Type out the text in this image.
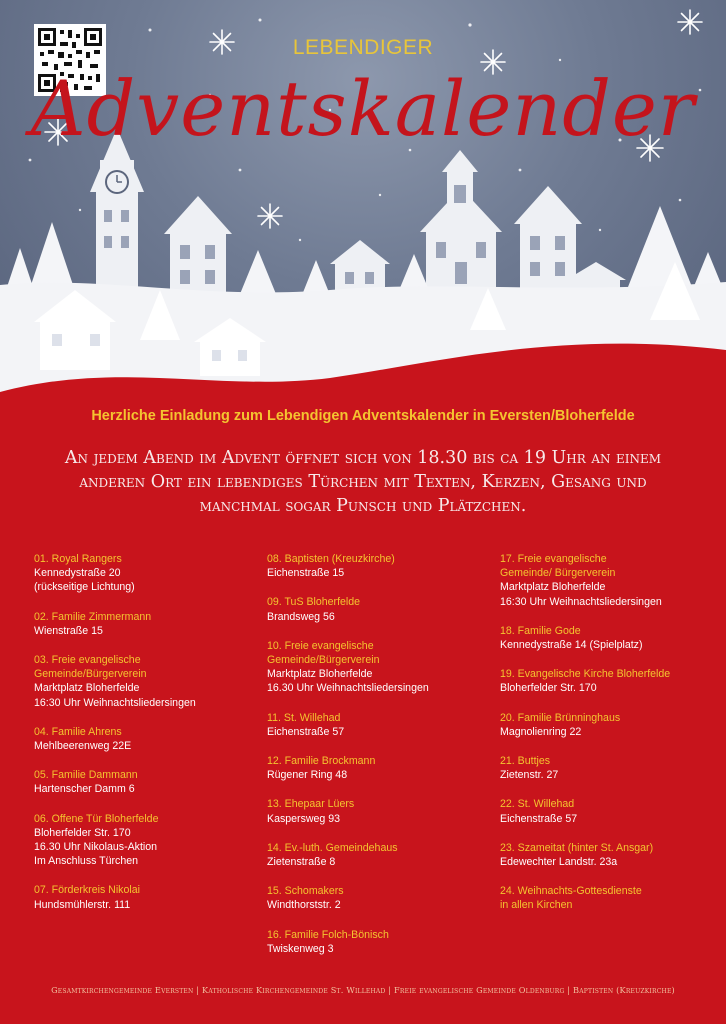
LEBENDIGER
Adventskalender
Herzliche Einladung zum Lebendigen Adventskalender in Eversten/Bloherfelde
An jedem Abend im Advent öffnet sich von 18.30 bis ca 19 Uhr an einem anderen Ort ein lebendiges Türchen mit Texten, Kerzen, Gesang und manchmal sogar Punsch und Plätzchen.
01. Royal Rangers
Kennedystraße 20
(rückseitige Lichtung)
02. Familie Zimmermann
Wienstraße 15
03. Freie evangelische
Gemeinde/Bürgerverein
Marktplatz Bloherfelde
16:30 Uhr Weihnachtsliedersingen
04. Familie Ahrens
Mehlbeerenweg 22E
05. Familie Dammann
Hartenscher Damm 6
06. Offene Tür Bloherfelde
Bloherfelder Str. 170
16.30 Uhr Nikolaus-Aktion
Im Anschluss Türchen
07. Förderkreis Nikolai
Hundsmühlerstr. 111
08. Baptisten (Kreuzkirche)
Eichenstraße 15
09. TuS Bloherfelde
Brandsweg 56
10. Freie evangelische
Gemeinde/Bürgerverein
Marktplatz Bloherfelde
16.30 Uhr Weihnachtsliedersingen
11. St. Willehad
Eichenstraße 57
12. Familie Brockmann
Rügener Ring 48
13. Ehepaar Lüers
Kaspersweg 93
14. Ev.-luth. Gemeindehaus
Zietenstraße 8
15. Schomakers
Windthorststr. 2
16. Familie Folch-Bönisch
Twiskenweg 3
17. Freie evangelische
Gemeinde/ Bürgerverein
Marktplatz Bloherfelde
16:30 Uhr Weihnachtsliedersingen
18. Familie Gode
Kennedystraße 14 (Spielplatz)
19. Evangelische Kirche Bloherfelde
Bloherfelder Str. 170
20. Familie Brünninghaus
Magnolienring 22
21. Buttjes
Zietenstr. 27
22. St. Willehad
Eichenstraße 57
23. Szameitat (hinter St. Ansgar)
Edewechter Landstr. 23a
24. Weihnachts-Gottesdienste
in allen Kirchen
Gesamtkirchengemeinde Eversten | Katholische Kirchengemeinde St. Willehad | Freie evangelische Gemeinde Oldenburg | Baptisten (Kreuzkirche)
